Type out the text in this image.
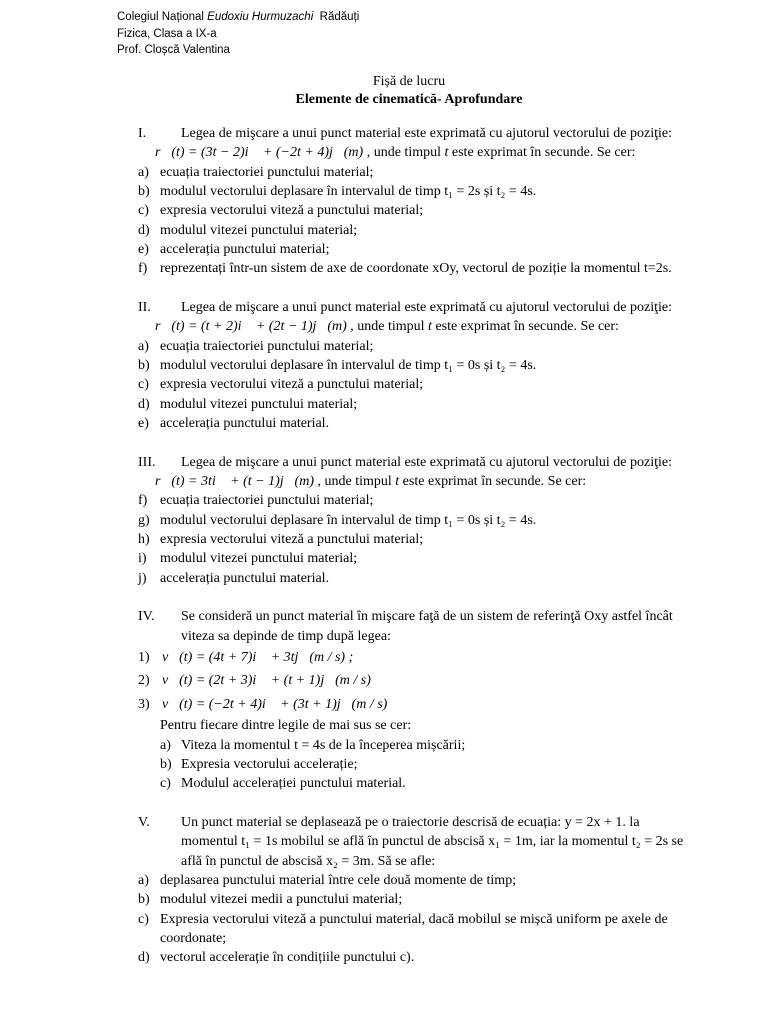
Colegiul Național Eudoxiu Hurmuzachi Rădăuți
Fizica, Clasa a IX-a
Prof. Cloșcă Valentina
Fișă de lucru
Elemente de cinematică- Aprofundare
I. Legea de mişcare a unui punct material este exprimată cu ajutorul vectorului de poziţie:
r⃗(t) = (3t − 2)i⃗ + (−2t + 4)j⃗(m) , unde timpul t este exprimat în secunde. Se cer:
a) ecuația traiectoriei punctului material;
b) modulul vectorului deplasare în intervalul de timp t₁ = 2s și t₂ = 4s.
c) expresia vectorului viteză a punctului material;
d) modulul vitezei punctului material;
e) accelerația punctului material;
f) reprezentați într-un sistem de axe de coordonate xOy, vectorul de poziție la momentul t=2s.
II. Legea de mişcare a unui punct material este exprimată cu ajutorul vectorului de poziţie:
r⃗(t) = (t + 2)i⃗ + (2t − 1)j⃗(m) , unde timpul t este exprimat în secunde. Se cer:
a) ecuația traiectoriei punctului material;
b) modulul vectorului deplasare în intervalul de timp t₁ = 0s și t₂ = 4s.
c) expresia vectorului viteză a punctului material;
d) modulul vitezei punctului material;
e) accelerația punctului material.
III. Legea de mişcare a unui punct material este exprimată cu ajutorul vectorului de poziţie:
r⃗(t) = 3ti⃗ + (t − 1)j⃗(m) , unde timpul t este exprimat în secunde. Se cer:
f) ecuația traiectoriei punctului material;
g) modulul vectorului deplasare în intervalul de timp t₁ = 0s și t₂ = 4s.
h) expresia vectorului viteză a punctului material;
i) modulul vitezei punctului material;
j) accelerația punctului material.
IV. Se consideră un punct material în mişcare faţă de un sistem de referinţă Oxy astfel încât
viteza sa depinde de timp după legea:
1) v⃗(t) = (4t + 7)i⃗ + 3tj⃗(m / s) ;
2) v⃗(t) = (2t + 3)i⃗ + (t + 1)j⃗(m / s)
3) v⃗(t) = (−2t + 4)i⃗ + (3t + 1)j⃗(m / s)
Pentru fiecare dintre legile de mai sus se cer:
a) Viteza la momentul t = 4s de la începerea mișcării;
b) Expresia vectorului accelerație;
c) Modulul accelerației punctului material.
V. Un punct material se deplasează pe o traiectorie descrisă de ecuația: y = 2x + 1. la
momentul t₁ = 1s mobilul se află în punctul de abscisă x₁ = 1m, iar la momentul t₂ = 2s se
află în punctul de abscisă x₂ = 3m. Să se afle:
a) deplasarea punctului material între cele două momente de timp;
b) modulul vitezei medii a punctului material;
c) Expresia vectorului viteză a punctului material, dacă mobilul se mișcă uniform pe axele de
coordonate;
d) vectorul accelerație în condițiile punctului c).
